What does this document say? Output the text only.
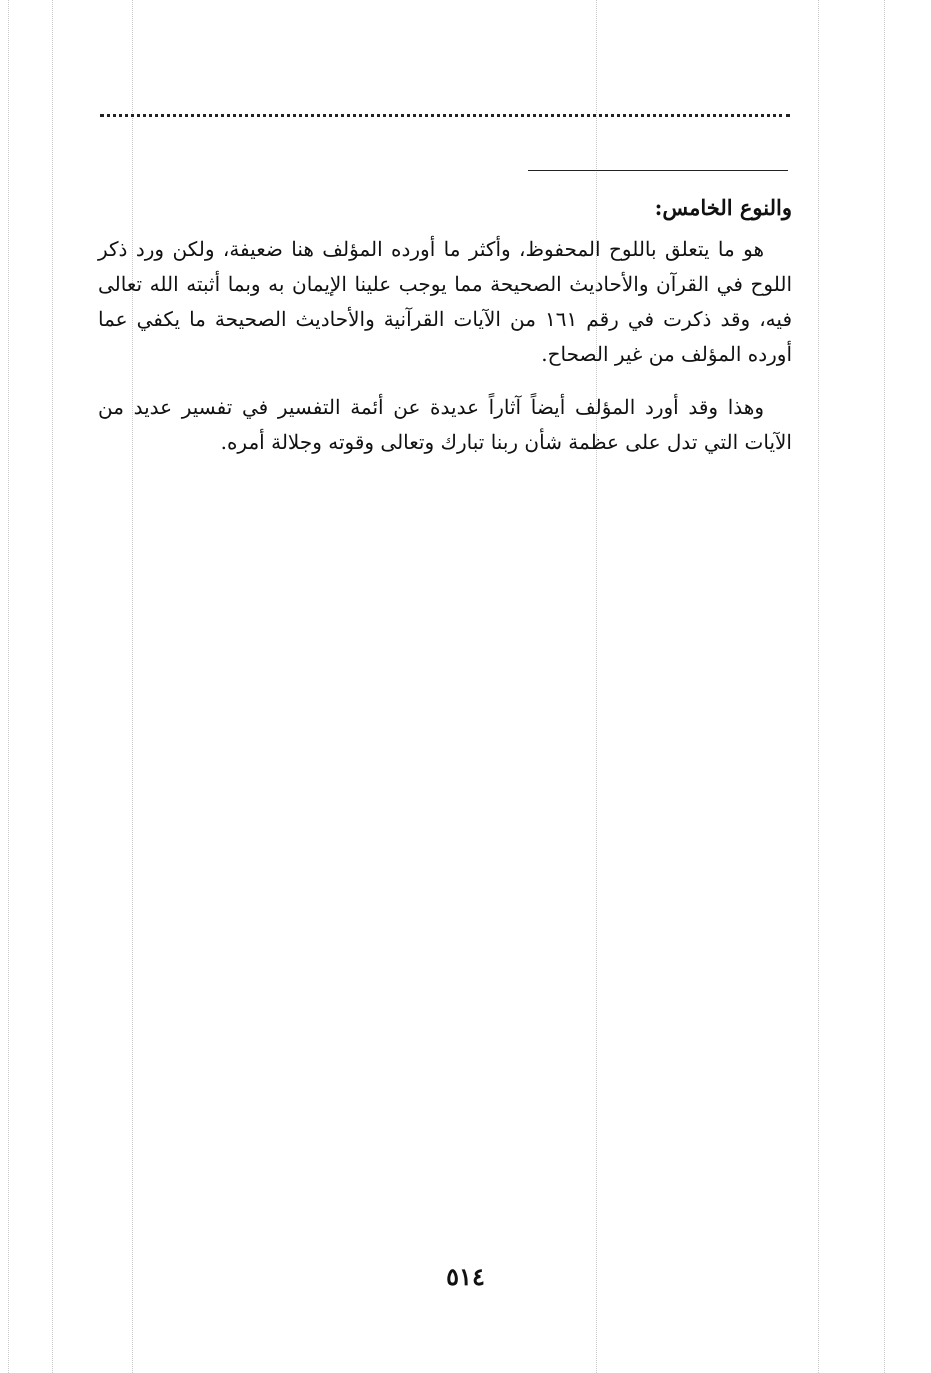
والنوع الخامس:

هو ما يتعلق باللوح المحفوظ، وأكثر ما أورده المؤلف هنا ضعيفة، ولكن ورد ذكر اللوح في القرآن والأحاديث الصحيحة مما يوجب علينا الإيمان به وبما أثبته الله تعالى فيه، وقد ذكرت في رقم ١٦١ من الآيات القرآنية والأحاديث الصحيحة ما يكفي عما أورده المؤلف من غير الصحاح.

وهذا وقد أورد المؤلف أيضاً آثاراً عديدة عن أئمة التفسير في تفسير عديد من الآيات التي تدل على عظمة شأن ربنا تبارك وتعالى وقوته وجلالة أمره.

٥١٤
